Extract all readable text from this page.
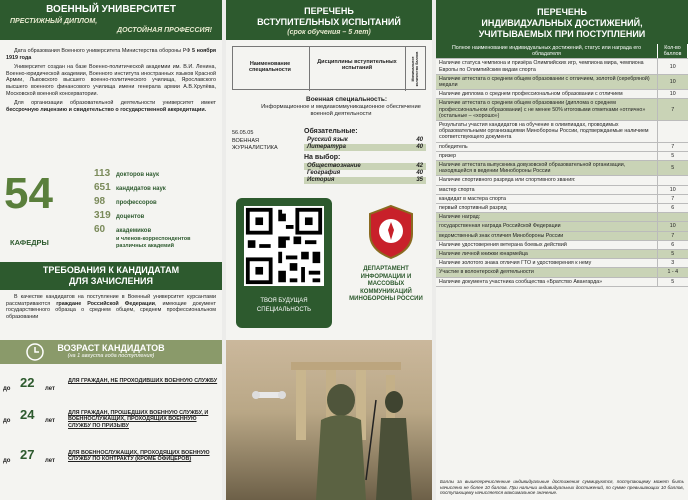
ВОЕННЫЙ УНИВЕРСИТЕТ
ПРЕСТИЖНЫЙ ДИПЛОМ,
ДОСТОЙНАЯ ПРОФЕССИЯ!
Дата образования Военного университета Министерства обороны РФ 5 ноября 1919 года
Университет создан на базе Военно-политической академии им. В.И. Ленина, Военно-юридической академии, Военного института иностранных языков Красной Армии, Львовского высшего военно-политического училища, Ярославского высшего военного финансового училища имени генерала армии А.В.Хрулёва, Московской военной консерватории.
Для организации образовательной деятельности университет имеет бессрочную лицензию и свидетельство о государственной аккредитации.
54
КАФЕДРЫ
113 докторов наук
651 кандидатов наук
98 профессоров
319 доцентов
60 академиков
и членов-корреспондентов различных академий
ТРЕБОВАНИЯ К КАНДИДАТАМ
ДЛЯ ЗАЧИСЛЕНИЯ
В качестве кандидатов на поступление в Военный университет курсантами рассматриваются граждане Российской Федерации, имеющие документ государственного образца о среднем общем, среднем профессиональном образовании
ВОЗРАСТ КАНДИДАТОВ
(на 1 августа года поступления)
до 22 лет
ДЛЯ ГРАЖДАН, НЕ ПРОХОДИВШИХ ВОЕННУЮ СЛУЖБУ
до 24 лет
ДЛЯ ГРАЖДАН, ПРОШЕДШИХ ВОЕННУЮ СЛУЖБУ, И ВОЕННОСЛУЖАЩИХ, ПРОХОДЯЩИХ ВОЕННУЮ СЛУЖБУ ПО ПРИЗЫВУ
до 27 лет
ДЛЯ ВОЕННОСЛУЖАЩИХ, ПРОХОДЯЩИХ ВОЕННУЮ СЛУЖБУ ПО КОНТРАКТУ (КРОМЕ ОФИЦЕРОВ)
ПЕРЕЧЕНЬ
ВСТУПИТЕЛЬНЫХ ИСПЫТАНИЙ
(срок обучения – 5 лет)
Наименование специальности
Дисциплины вступительных испытаний	Минимальное количество баллов
Военная специальность:
Информационное и медиакоммуникационное обеспечение военной деятельности
56.05.05
ВОЕННАЯ ЖУРНАЛИСТИКА
Обязательные:
Русский язык	40
Литература	40
На выбор:
Обществознание	42
География	40
История	35
ТВОЯ БУДУЩАЯ
СПЕЦИАЛЬНОСТЬ
ДЕПАРТАМЕНТ ИНФОРМАЦИИ И МАССОВЫХ КОММУНИКАЦИЙ МИНОБОРОНЫ РОССИИ
ПЕРЕЧЕНЬ
ИНДИВИДУАЛЬНЫХ ДОСТИЖЕНИЙ,
УЧИТЫВАЕМЫХ ПРИ ПОСТУПЛЕНИИ
Полное наименование индивидуальных достижений, статус или награда его обладателя	Кол-во баллов
Наличие статуса чемпиона и призёра Олимпийских игр, чемпиона мира, чемпиона Европы по Олимпийским видам спорта	10
Наличие аттестата о среднем общем образовании с отличием, золотой (серебряной) медали	10
Наличие диплома о среднем профессиональном образовании с отличием	10
Наличие аттестата о среднем общем образовании (диплома о среднем профессиональном образовании) с не менее 50% итоговыми отметками «отлично» (остальные – «хорошо»)	7
Результаты участия кандидатов на обучение в олимпиадах, проводимых образовательными организациями Минобороны России, подтверждаемые наличием соответствующего документа	
победитель	7
призер	5
Наличие аттестата выпускника довузовской образовательной организации, находящейся в ведении Минобороны России	5
Наличие спортивного разряда или спортивного звания:	
мастер спорта	10
кандидат в мастера спорта	7
первый спортивный разряд	6
Наличие наград:	
государственная награда Российской Федерации	10
ведомственный знак отличия Минобороны России	7
Наличие удостоверения ветерана боевых действий	6
Наличие личной книжки юнармейца	5
Наличие золотого знака отличия ГТО и удостоверения к нему	3
Участие в волонтерской деятельности	1 - 4
Наличие документа участника сообщества «Братство Авангарда»	5
Баллы за вышеперечисленные индивидуальные достижения суммируются, поступающему может быть начислено не более 10 баллов. При наличии индивидуальных достижений, по сумме превышающих 10 баллов, поступающему начисляется максимальное значение.
